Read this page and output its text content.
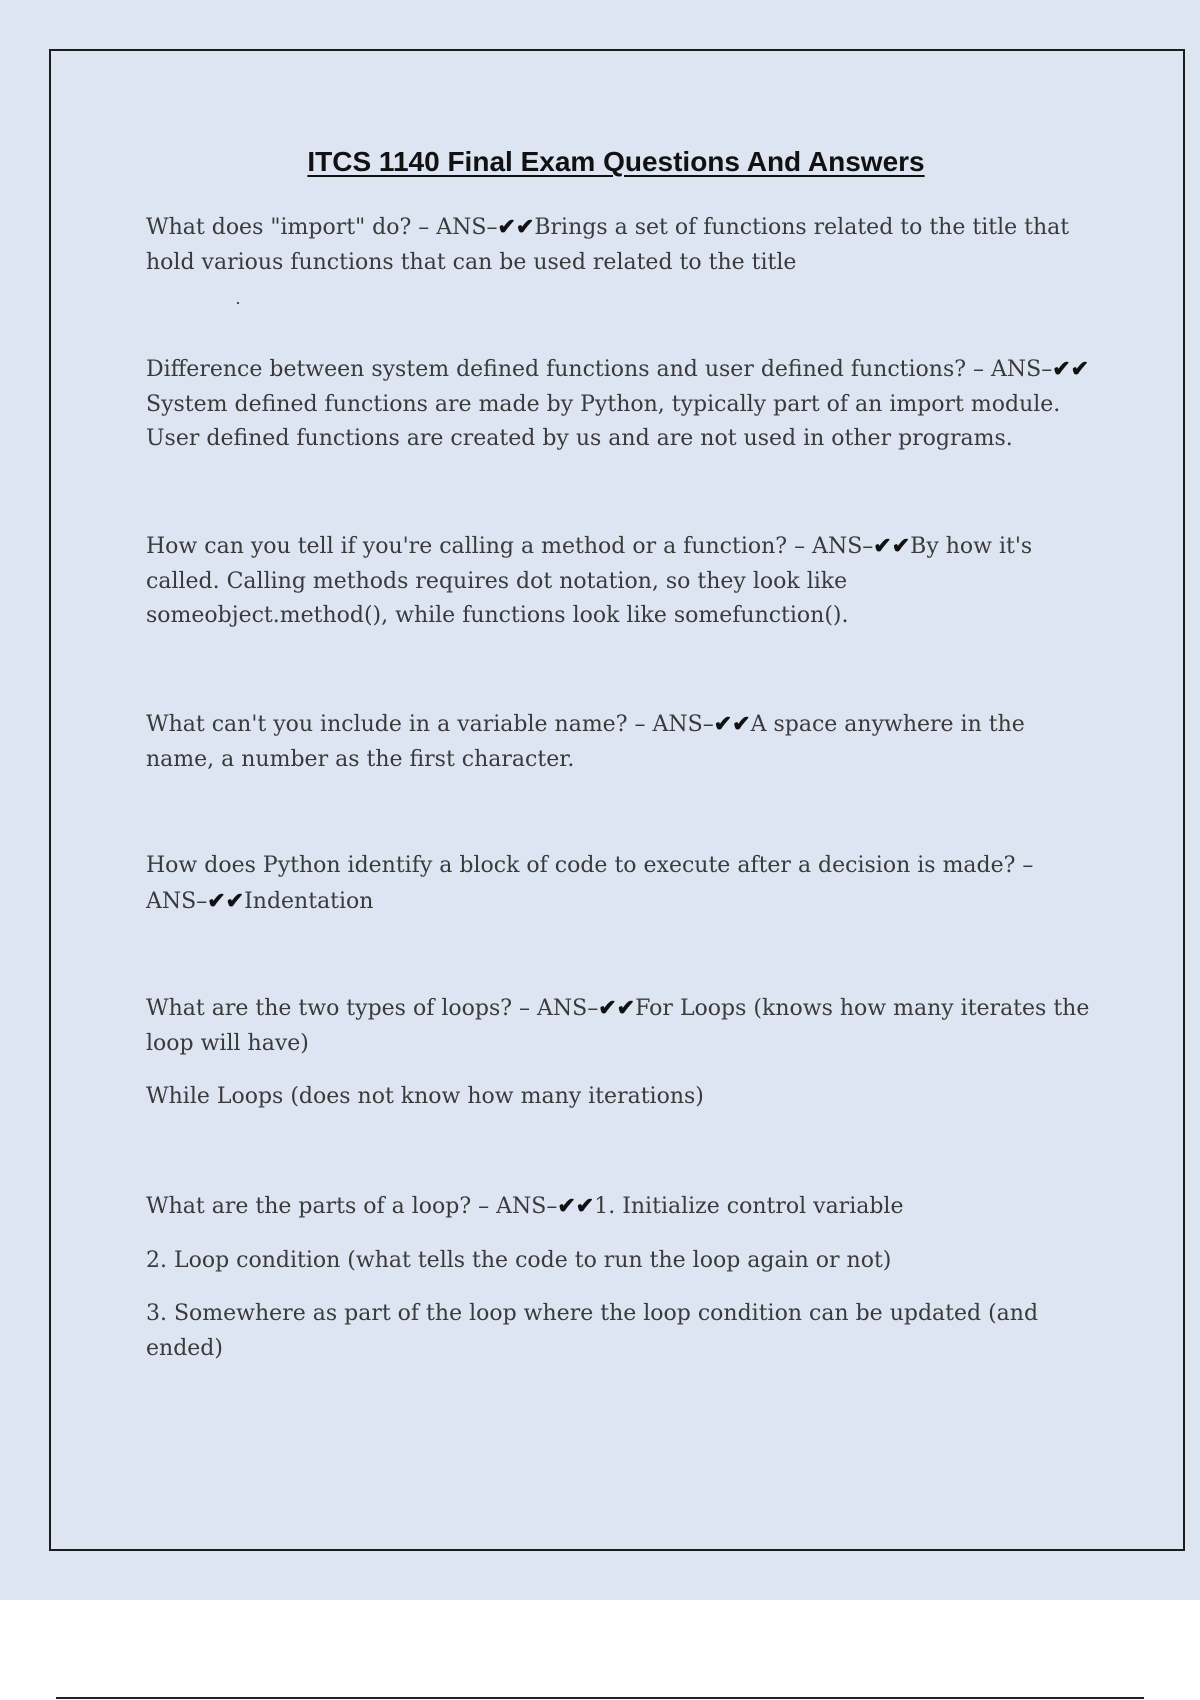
ITCS 1140 Final Exam Questions And Answers

What does "import" do? – ANS–✔✔Brings a set of functions related to the title that hold various functions that can be used related to the title

Difference between system defined functions and user defined functions? – ANS–✔✔ System defined functions are made by Python, typically part of an import module. User defined functions are created by us and are not used in other programs.

How can you tell if you're calling a method or a function? – ANS–✔✔By how it's called. Calling methods requires dot notation, so they look like someobject.method(), while functions look like somefunction().

What can't you include in a variable name? – ANS–✔✔A space anywhere in the name, a number as the first character.

How does Python identify a block of code to execute after a decision is made? – ANS–✔✔Indentation

What are the two types of loops? – ANS–✔✔For Loops (knows how many iterates the loop will have)

While Loops (does not know how many iterations)

What are the parts of a loop? – ANS–✔✔1. Initialize control variable

2. Loop condition (what tells the code to run the loop again or not)

3. Somewhere as part of the loop where the loop condition can be updated (and ended)
